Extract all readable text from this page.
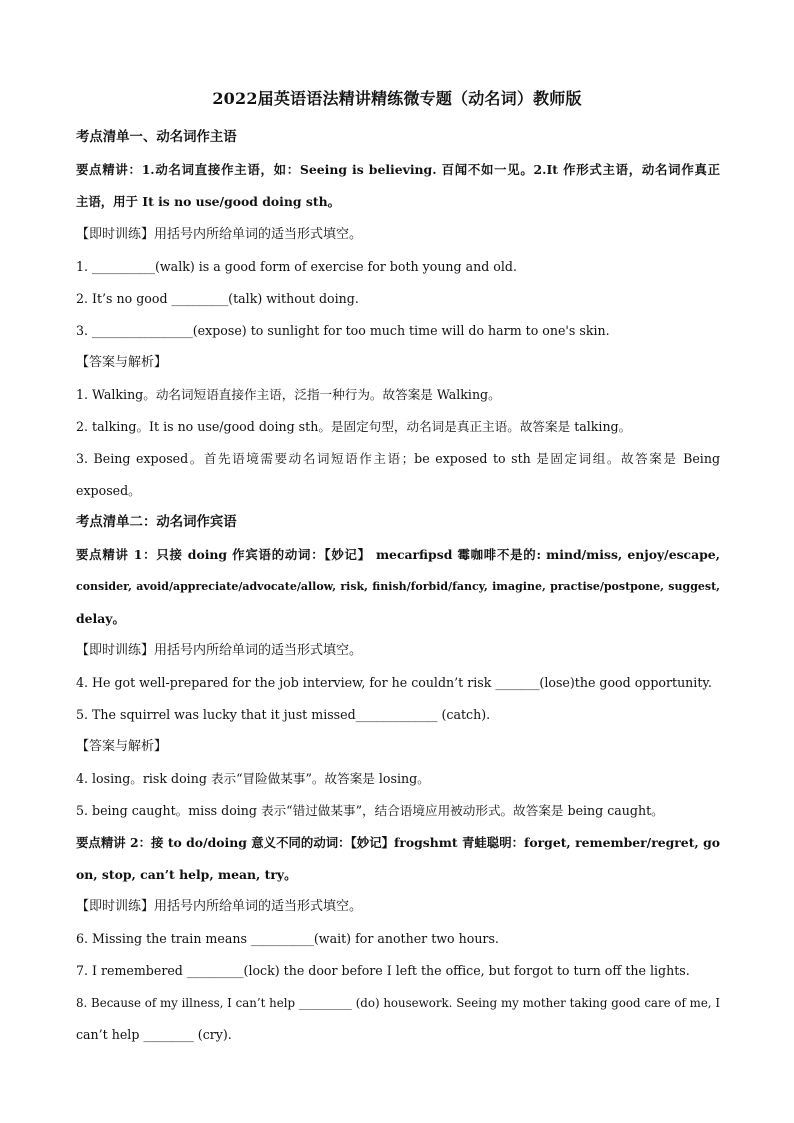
2022届英语语法精讲精练微专题（动名词）教师版
考点清单一、动名词作主语
要点精讲：1.动名词直接作主语，如：Seeing is believing. 百闻不如一见。2.It 作形式主语，动名词作真正
主语，用于 It is no use/good doing sth。
【即时训练】用括号内所给单词的适当形式填空。
1. __________(walk) is a good form of exercise for both young and old.
2. It’s no good _________(talk) without doing.
3. ________________(expose) to sunlight for too much time will do harm to one's skin.
【答案与解析】
1. Walking。动名词短语直接作主语，泛指一种行为。故答案是 Walking。
2. talking。It is no use/good doing sth。是固定句型，动名词是真正主语。故答案是 talking。
3. Being exposed。首先语境需要动名词短语作主语；be exposed to sth 是固定词组。故答案是 Being
exposed。
考点清单二：动名词作宾语
要点精讲 1：只接 doing 作宾语的动词：【妙记】 mecarfipsd 霉咖啡不是的: mind/miss, enjoy/escape,
consider, avoid/appreciate/advocate/allow, risk, finish/forbid/fancy, imagine, practise/postpone, suggest,
delay。
【即时训练】用括号内所给单词的适当形式填空。
4. He got well-prepared for the job interview, for he couldn’t risk _______(lose)the good opportunity.
5. The squirrel was lucky that it just missed_____________ (catch).
【答案与解析】
4. losing。risk doing 表示“冒险做某事”。故答案是 losing。
5. being caught。miss doing 表示“错过做某事”，结合语境应用被动形式。故答案是 being caught。
要点精讲 2：接 to do/doing 意义不同的动词：【妙记】frogshmt 青蛙聪明：forget, remember/regret, go
on, stop, can’t help, mean, try。
【即时训练】用括号内所给单词的适当形式填空。
6. Missing the train means __________(wait) for another two hours.
7. I remembered _________(lock) the door before I left the office, but forgot to turn off the lights.
8. Because of my illness, I can’t help _________ (do) housework. Seeing my mother taking good care of me, I
can’t help ________ (cry).
